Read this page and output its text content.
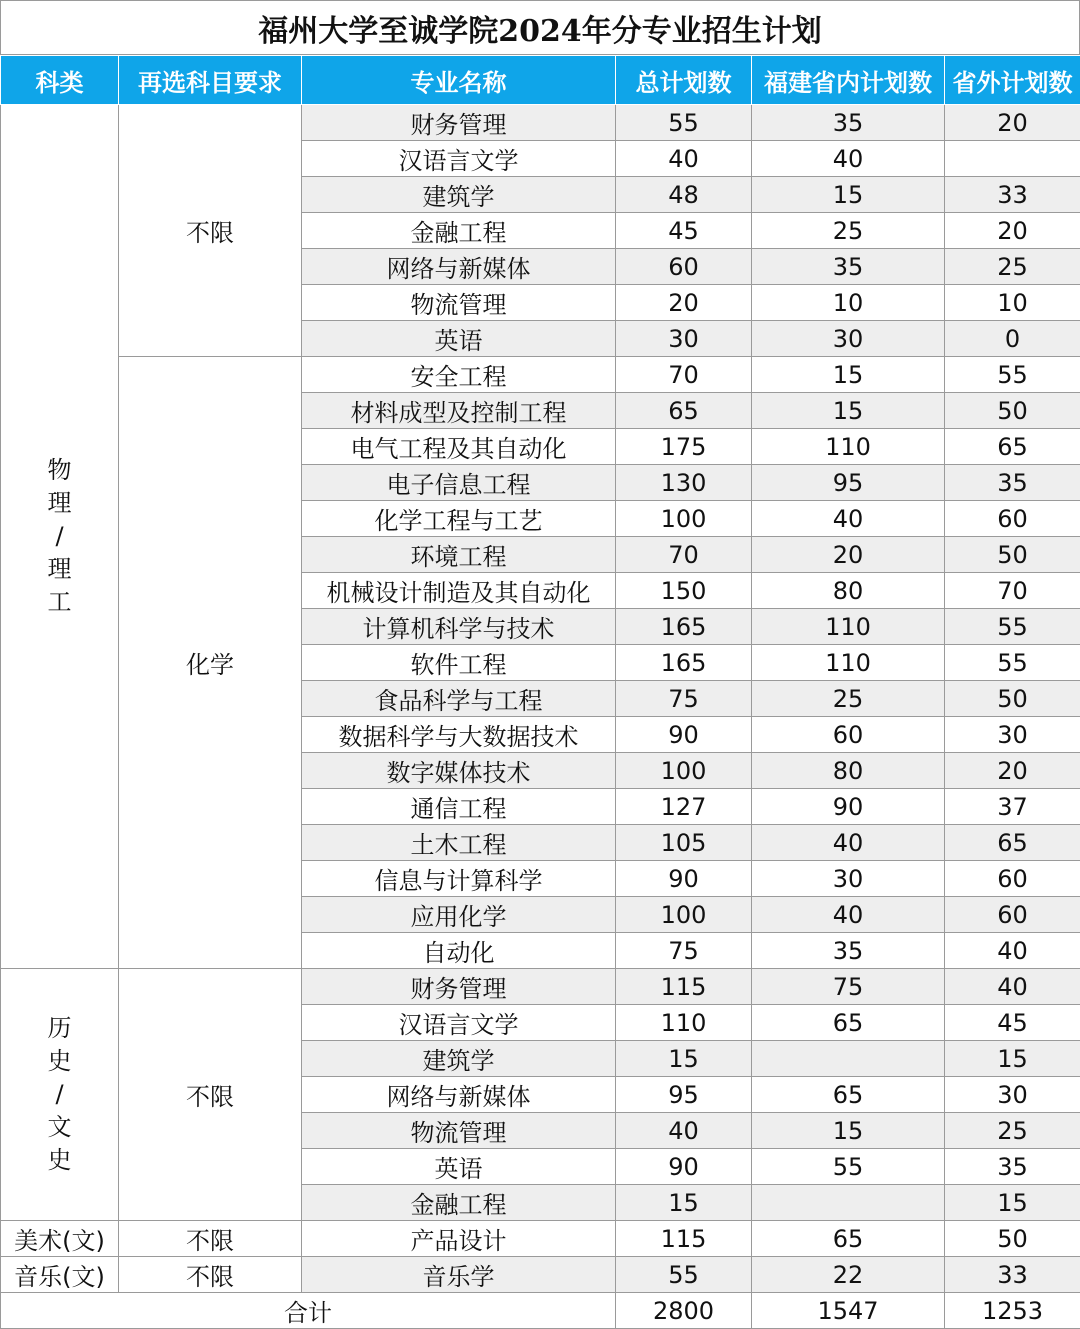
福州大学至诚学院2024年分专业招生计划
科类	再选科目要求	专业名称	总计划数	福建省内计划数	省外计划数

物
理
/
理
工	不限	财务管理	55	35	20
		汉语言文学	40	40	
		建筑学	48	15	33
		金融工程	45	25	20
		网络与新媒体	60	35	25
		物流管理	20	10	10
		英语	30	30	0
	化学	安全工程	70	15	55
		材料成型及控制工程	65	15	50
		电气工程及其自动化	175	110	65
		电子信息工程	130	95	35
		化学工程与工艺	100	40	60
		环境工程	70	20	50
		机械设计制造及其自动化	150	80	70
		计算机科学与技术	165	110	55
		软件工程	165	110	55
		食品科学与工程	75	25	50
		数据科学与大数据技术	90	60	30
		数字媒体技术	100	80	20
		通信工程	127	90	37
		土木工程	105	40	65
		信息与计算科学	90	30	60
		应用化学	100	40	60
		自动化	75	35	40

历
史
/
文
史	不限	财务管理	115	75	40
		汉语言文学	110	65	45
		建筑学	15		15
		网络与新媒体	95	65	30
		物流管理	40	15	25
		英语	90	55	35
		金融工程	15		15

美术(文)	不限	产品设计	115	65	50

音乐(文)	不限	音乐学	55	22	33
合计			2800	1547	1253
